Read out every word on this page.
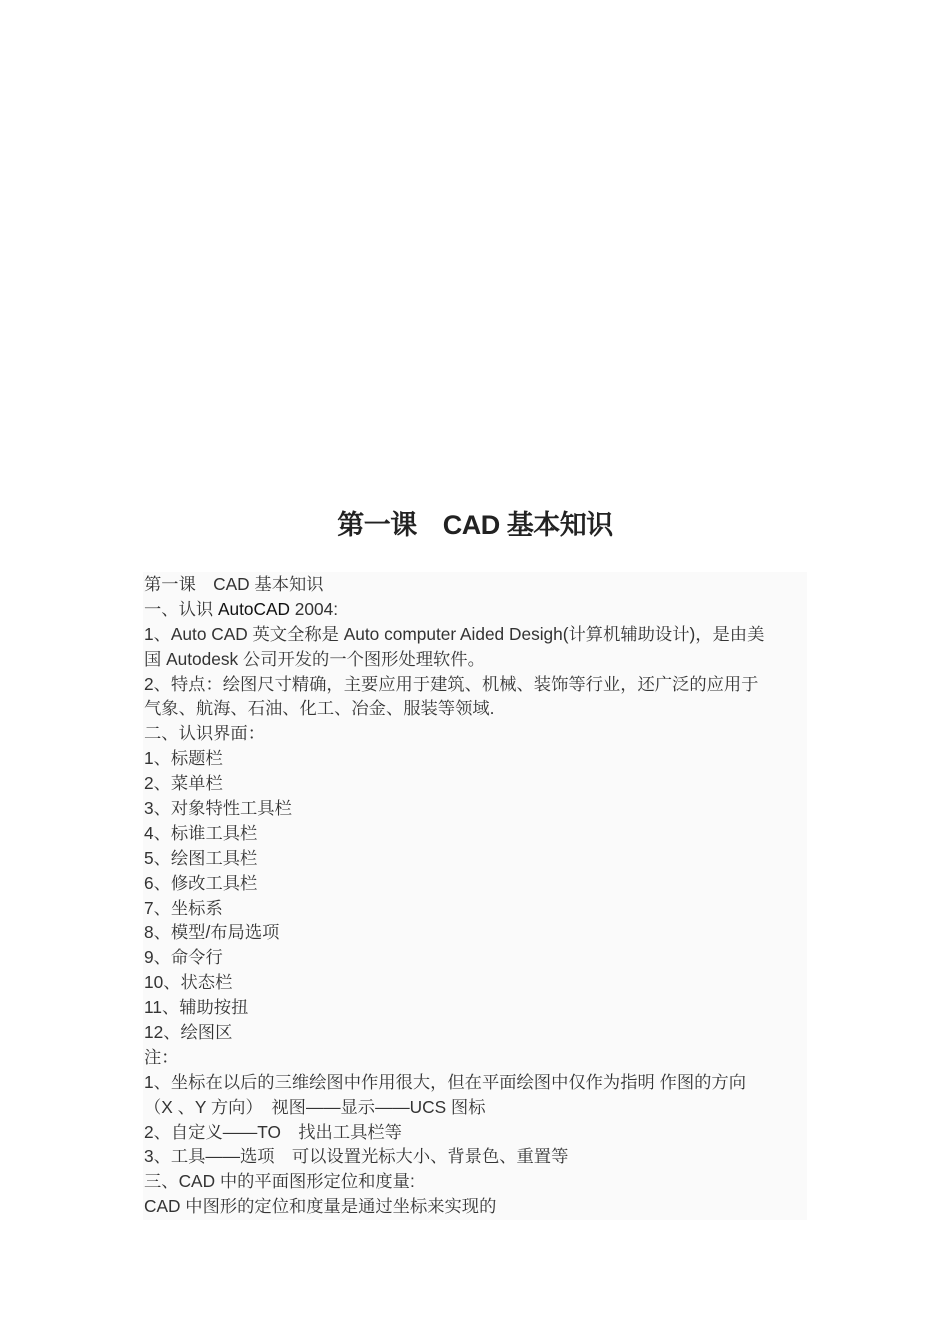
第一课 CAD 基本知识
第一课　CAD 基本知识
一、认识 AutoCAD 2004:
1、Auto CAD 英文全称是 Auto computer Aided Desigh(计算机辅助设计)，是由美
国 Autodesk 公司开发的一个图形处理软件。
2、特点：绘图尺寸精确，主要应用于建筑、机械、装饰等行业，还广泛的应用于
气象、航海、石油、化工、冶金、服装等领域.
二、认识界面：
1、标题栏
2、菜单栏
3、对象特性工具栏
4、标谁工具栏
5、绘图工具栏
6、修改工具栏
7、坐标系
8、模型/布局选项
9、命令行
10、状态栏
11、辅助按扭
12、绘图区
注：
1、坐标在以后的三维绘图中作用很大，但在平面绘图中仅作为指明 作图的方向
（X 、Y 方向）　视图——显示——UCS 图标
2、自定义——TO　找出工具栏等
3、工具——选项　可以设置光标大小、背景色、重置等
三、CAD 中的平面图形定位和度量:
CAD 中图形的定位和度量是通过坐标来实现的
